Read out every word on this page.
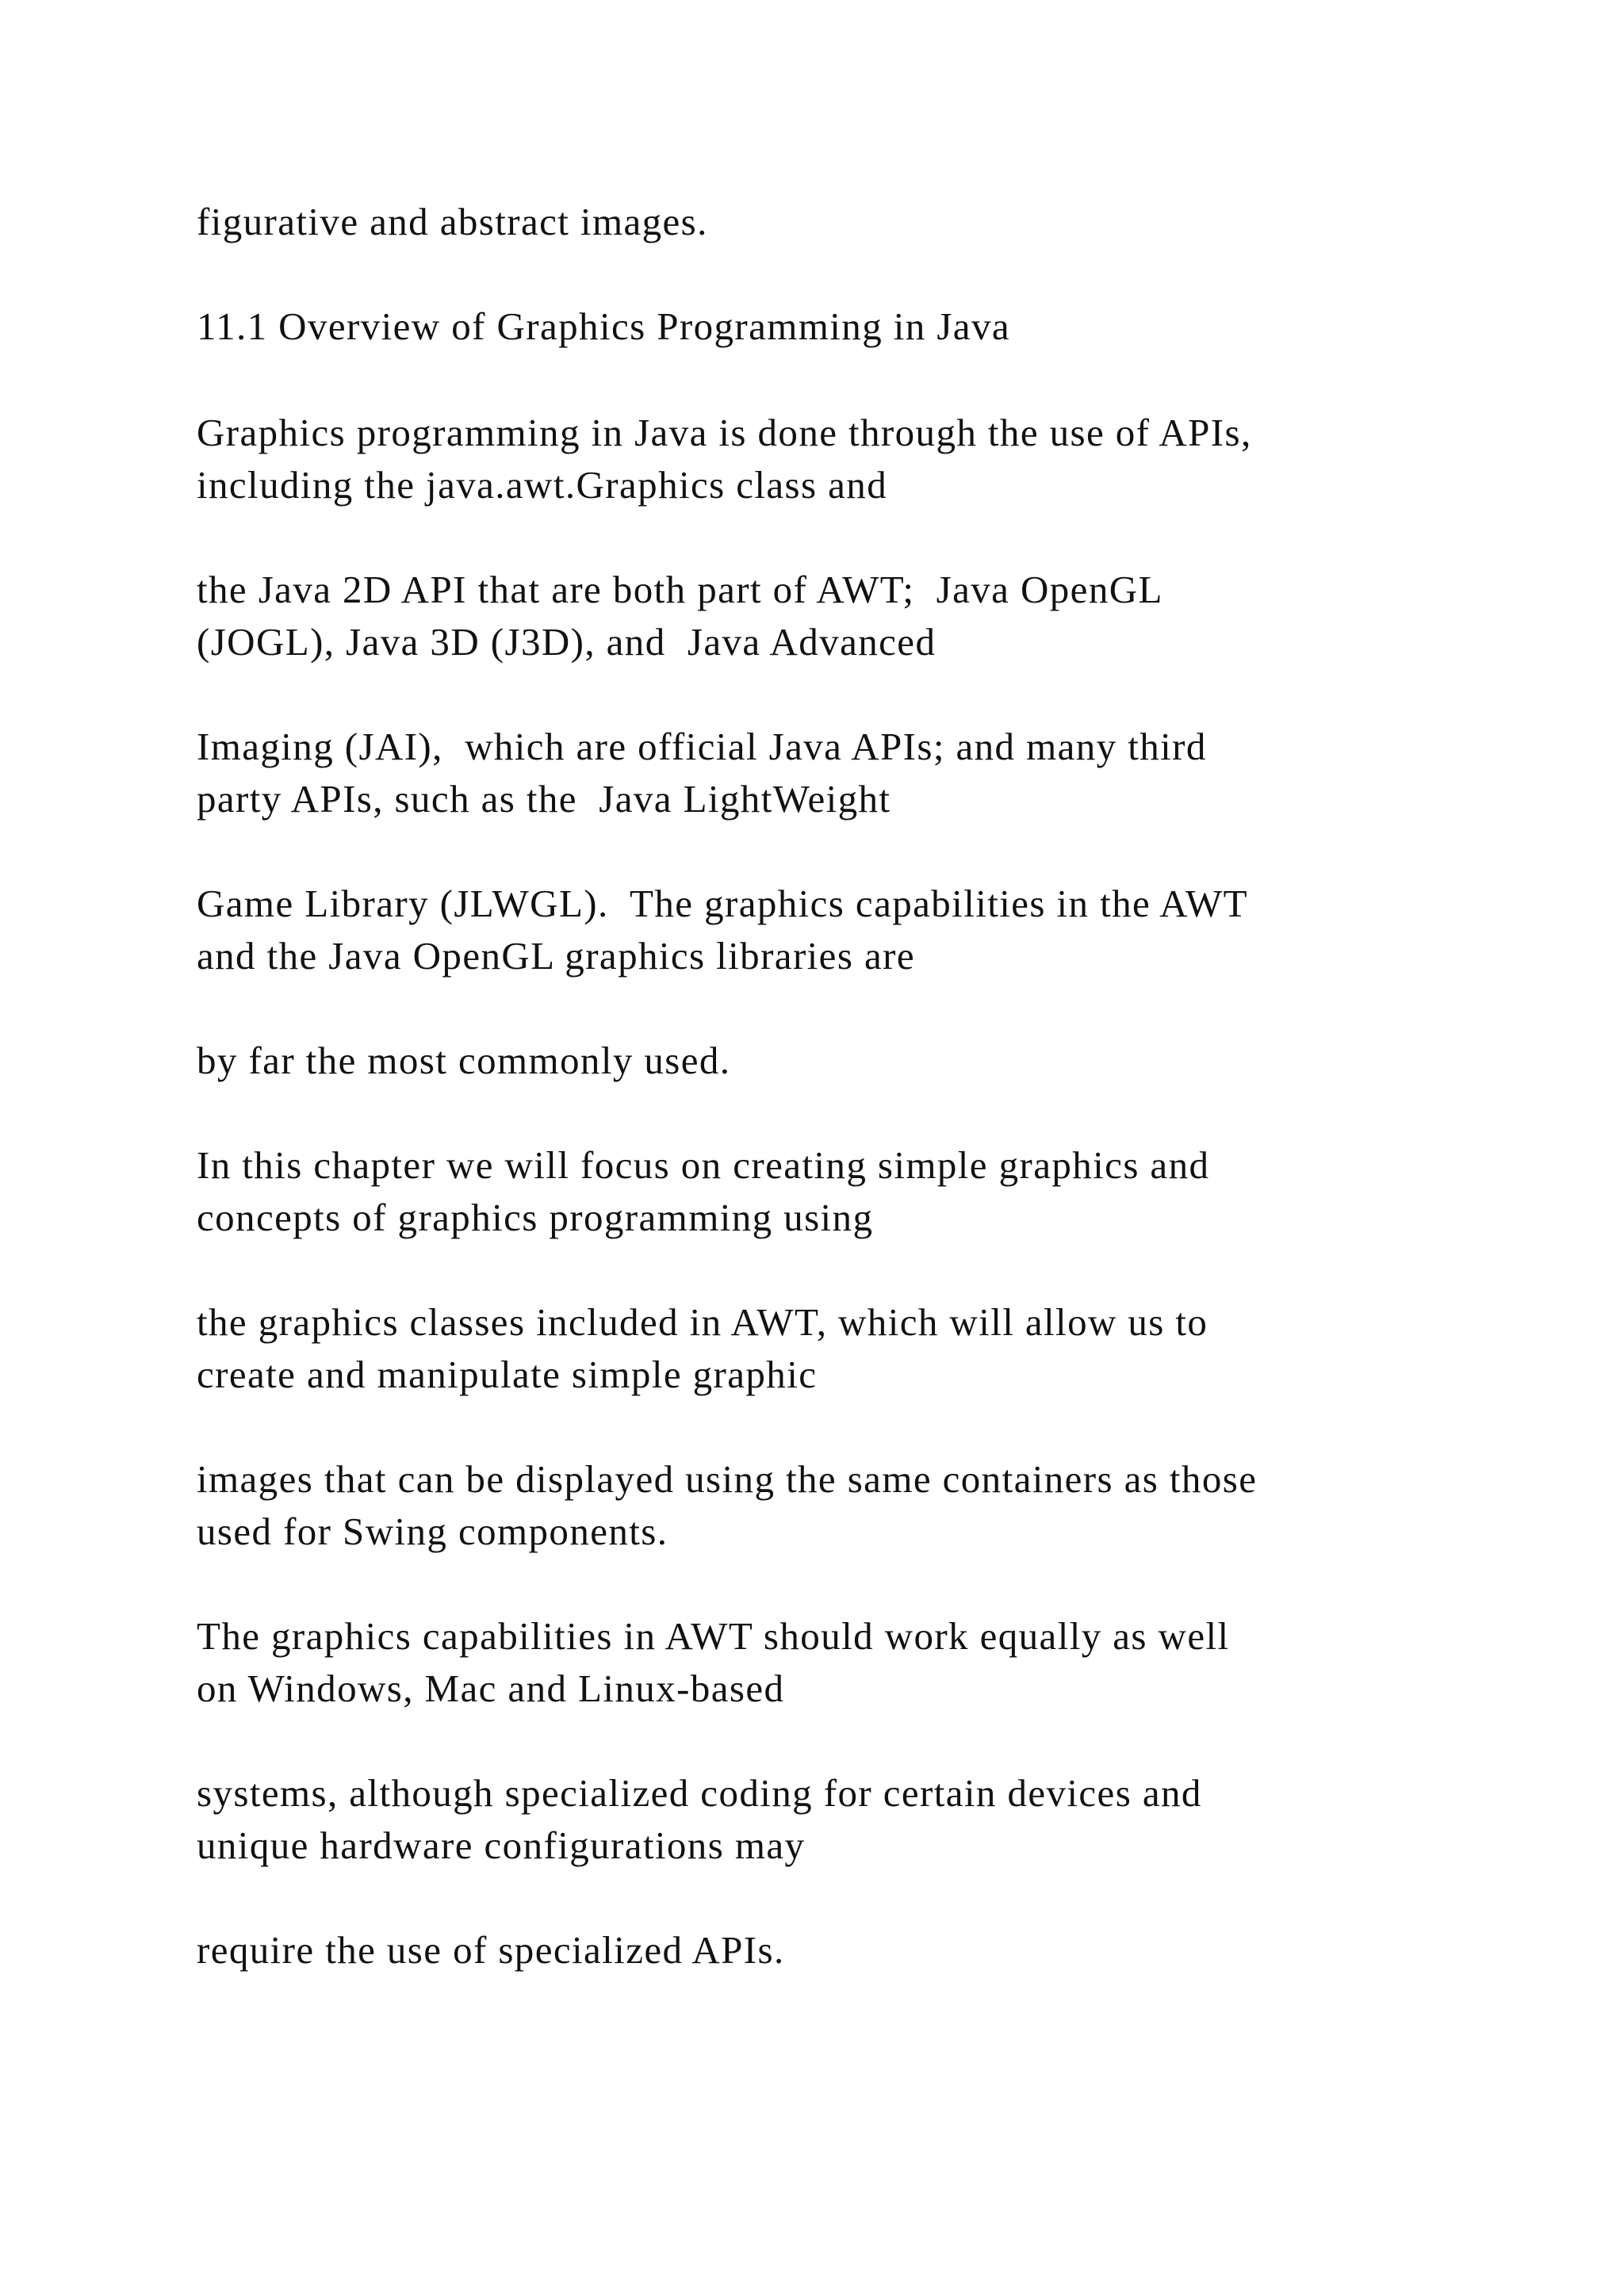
figurative and abstract images.
11.1 Overview of Graphics Programming in Java
Graphics programming in Java is done through the use of APIs,
including the java.awt.Graphics class and
the Java 2D API that are both part of AWT;  Java OpenGL
(JOGL), Java 3D (J3D), and  Java Advanced
Imaging (JAI),  which are official Java APIs; and many third
party APIs, such as the  Java LightWeight
Game Library (JLWGL).  The graphics capabilities in the AWT
and the Java OpenGL graphics libraries are
by far the most commonly used.
In this chapter we will focus on creating simple graphics and
concepts of graphics programming using
the graphics classes included in AWT, which will allow us to
create and manipulate simple graphic
images that can be displayed using the same containers as those
used for Swing components.
The graphics capabilities in AWT should work equally as well
on Windows, Mac and Linux-based
systems, although specialized coding for certain devices and
unique hardware configurations may
require the use of specialized APIs.
